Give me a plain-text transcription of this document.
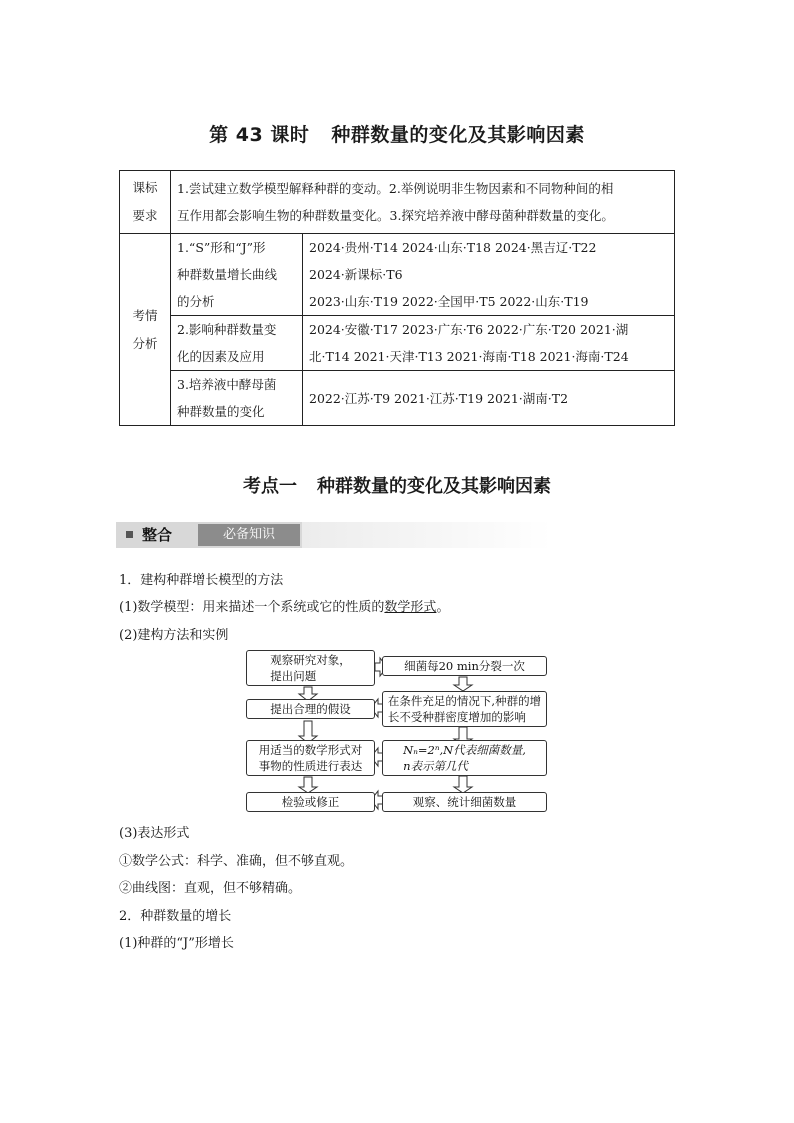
第 43 课时 种群数量的变化及其影响因素
课标
要求	1.尝试建立数学模型解释种群的变动。2.举例说明非生物因素和不同物种间的相
互作用都会影响生物的种群数量变化。3.探究培养液中酵母菌种群数量的变化。	

考情
分析	1.“S”形和“J”形
种群数量增长曲线
的分析	2024·贵州·T14 2024·山东·T18 2024·黑吉辽·T22
2024·新课标·T6
2023·山东·T19 2022·全国甲·T5 2022·山东·T19

	2.影响种群数量变
化的因素及应用	2024·安徽·T17 2023·广东·T6 2022·广东·T20 2021·湖
北·T14 2021·天津·T13 2021·海南·T18 2021·海南·T24

	3.培养液中酵母菌
种群数量的变化	2022·江苏·T9 2021·江苏·T19 2021·湖南·T2
考点一 种群数量的变化及其影响因素
整合	必备知识
1．建构种群增长模型的方法
(1)数学模型：用来描述一个系统或它的性质的数学形式。
(2)建构方法和实例
观察研究对象，
提出问题
提出合理的假设
用适当的数学形式对
事物的性质进行表达
检验或修正
细菌每20 min分裂一次
在条件充足的情况下,种群的增
长不受种群密度增加的影响
Nₙ=2ⁿ,N代表细菌数量,
n表示第几代
观察、统计细菌数量
(3)表达形式
①数学公式：科学、准确，但不够直观。
②曲线图：直观，但不够精确。
2．种群数量的增长
(1)种群的“J”形增长
